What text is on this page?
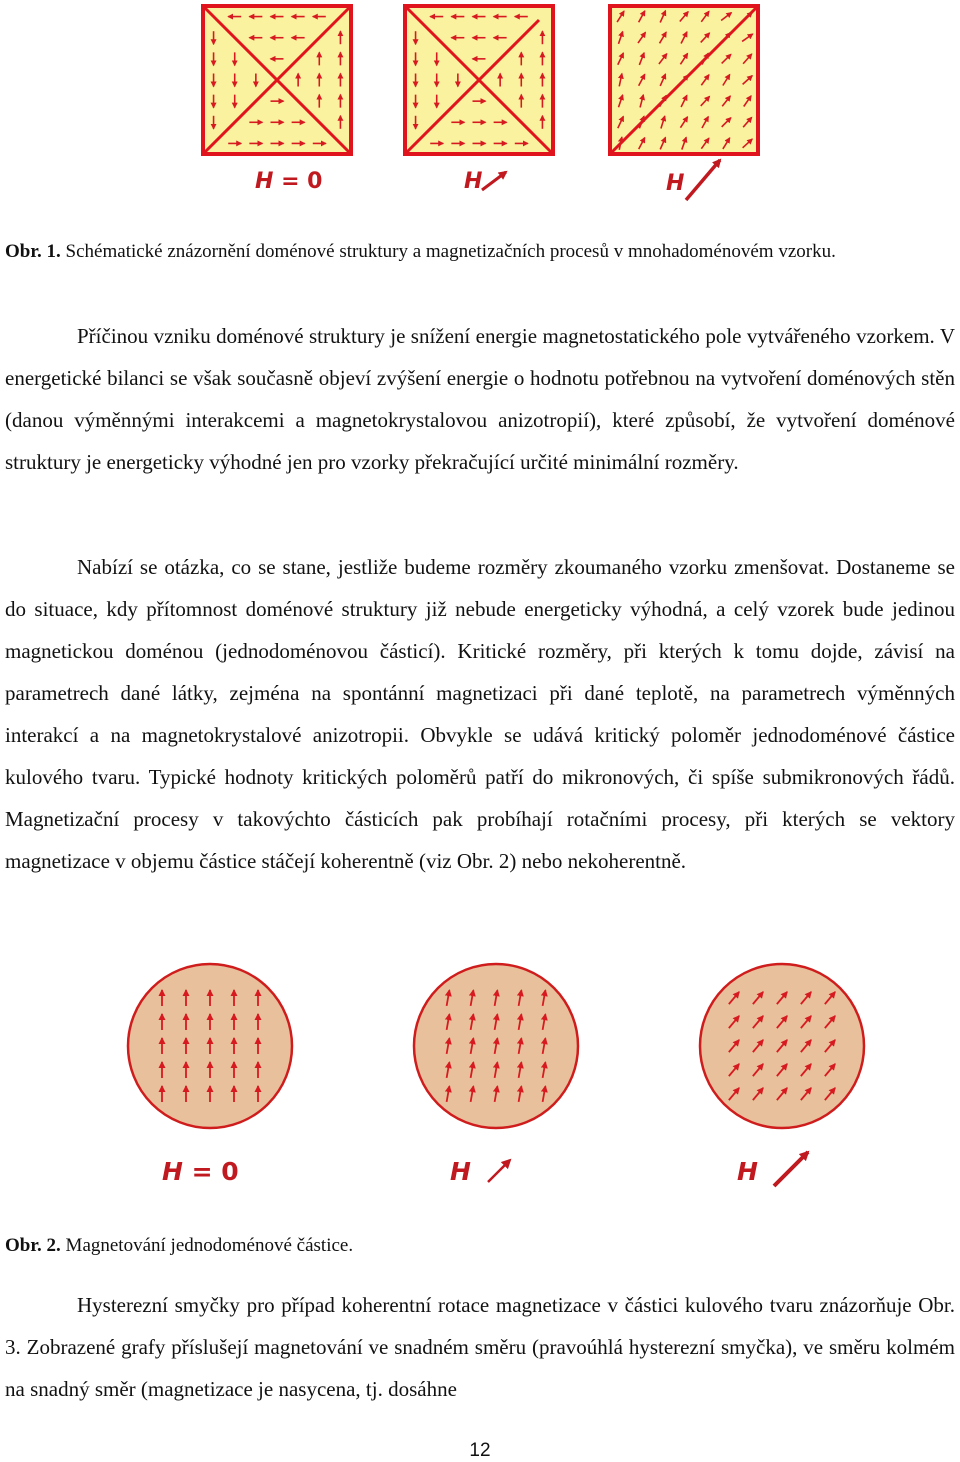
H = 0	H	H

Obr. 1. Schématické znázornění doménové struktury a magnetizačních procesů v mnohadoménovém vzorku.

Příčinou vzniku doménové struktury je snížení energie magnetostatického pole vytvářeného vzorkem. V energetické bilanci se však současně objeví zvýšení energie o hodnotu potřebnou na vytvoření doménových stěn (danou výměnnými interakcemi a magnetokrystalovou anizotropií), které způsobí, že vytvoření doménové struktury je energeticky výhodné jen pro vzorky překračující určité minimální rozměry.

Nabízí se otázka, co se stane, jestliže budeme rozměry zkoumaného vzorku zmenšovat. Dostaneme se do situace, kdy přítomnost doménové struktury již nebude energeticky výhodná, a celý vzorek bude jedinou magnetickou doménou (jednodoménovou částicí). Kritické rozměry, při kterých k tomu dojde, závisí na parametrech dané látky, zejména na spontánní magnetizaci při dané teplotě, na parametrech výměnných interakcí a na magnetokrystalové anizotropii. Obvykle se udává kritický poloměr jednodoménové částice kulového tvaru. Typické hodnoty kritických poloměrů patří do mikronových, či spíše submikronových řádů. Magnetizační procesy v takovýchto částicích pak probíhají rotačními procesy, při kterých se vektory magnetizace v objemu částice stáčejí koherentně (viz Obr. 2) nebo nekoherentně.

H = 0	H	H

Obr. 2. Magnetování jednodoménové částice.

Hysterezní smyčky pro případ koherentní rotace magnetizace v částici kulového tvaru znázorňuje Obr. 3. Zobrazené grafy příslušejí magnetování ve snadném směru (pravoúhlá hysterezní smyčka), ve směru kolmém na snadný směr (magnetizace je nasycena, tj. dosáhne

12
